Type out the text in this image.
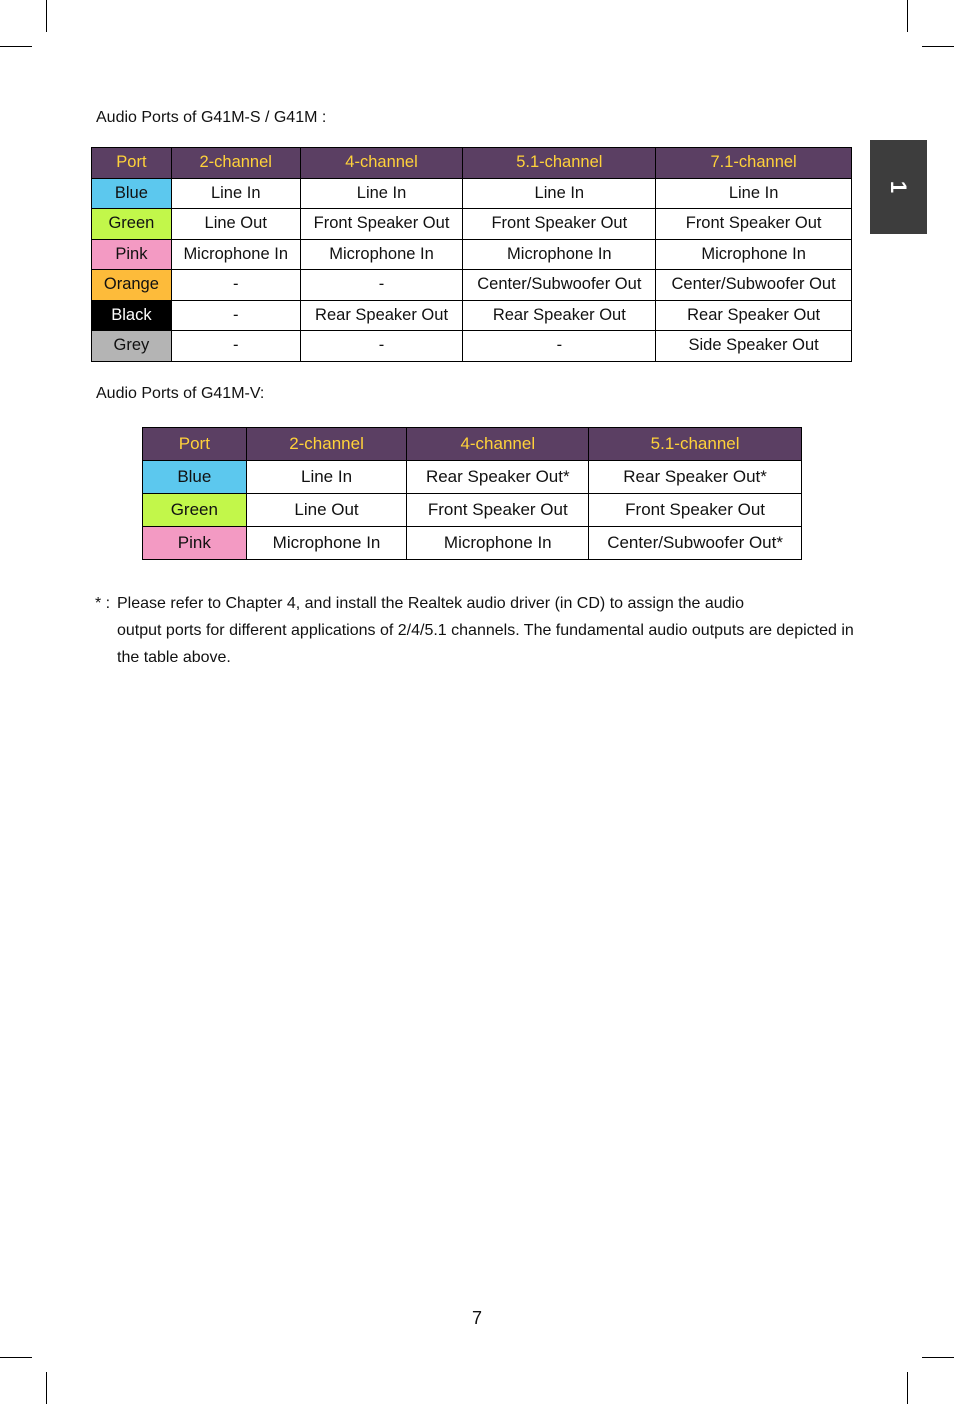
1
Audio Ports of G41M-S / G41M :
Port	2-channel	4-channel	5.1-channel	7.1-channel
Blue	Line In	Line In	Line In	Line In
Green	Line Out	Front Speaker Out	Front Speaker Out	Front Speaker Out
Pink	Microphone In	Microphone In	Microphone In	Microphone In
Orange	-	-	Center/Subwoofer Out	Center/Subwoofer Out
Black	-	Rear Speaker Out	Rear Speaker Out	Rear Speaker Out
Grey	-	-	-	Side Speaker Out
Audio Ports of G41M-V:
Port	2-channel	4-channel	5.1-channel
Blue	Line In	Rear Speaker Out*	Rear Speaker Out*
Green	Line Out	Front Speaker Out	Front Speaker Out
Pink	Microphone In	Microphone In	Center/Subwoofer Out*

* : Please refer to Chapter 4, and install the Realtek audio driver (in CD) to assign the audio
output ports for different applications of 2/4/5.1 channels. The fundamental audio outputs are depicted in the table above.

7
